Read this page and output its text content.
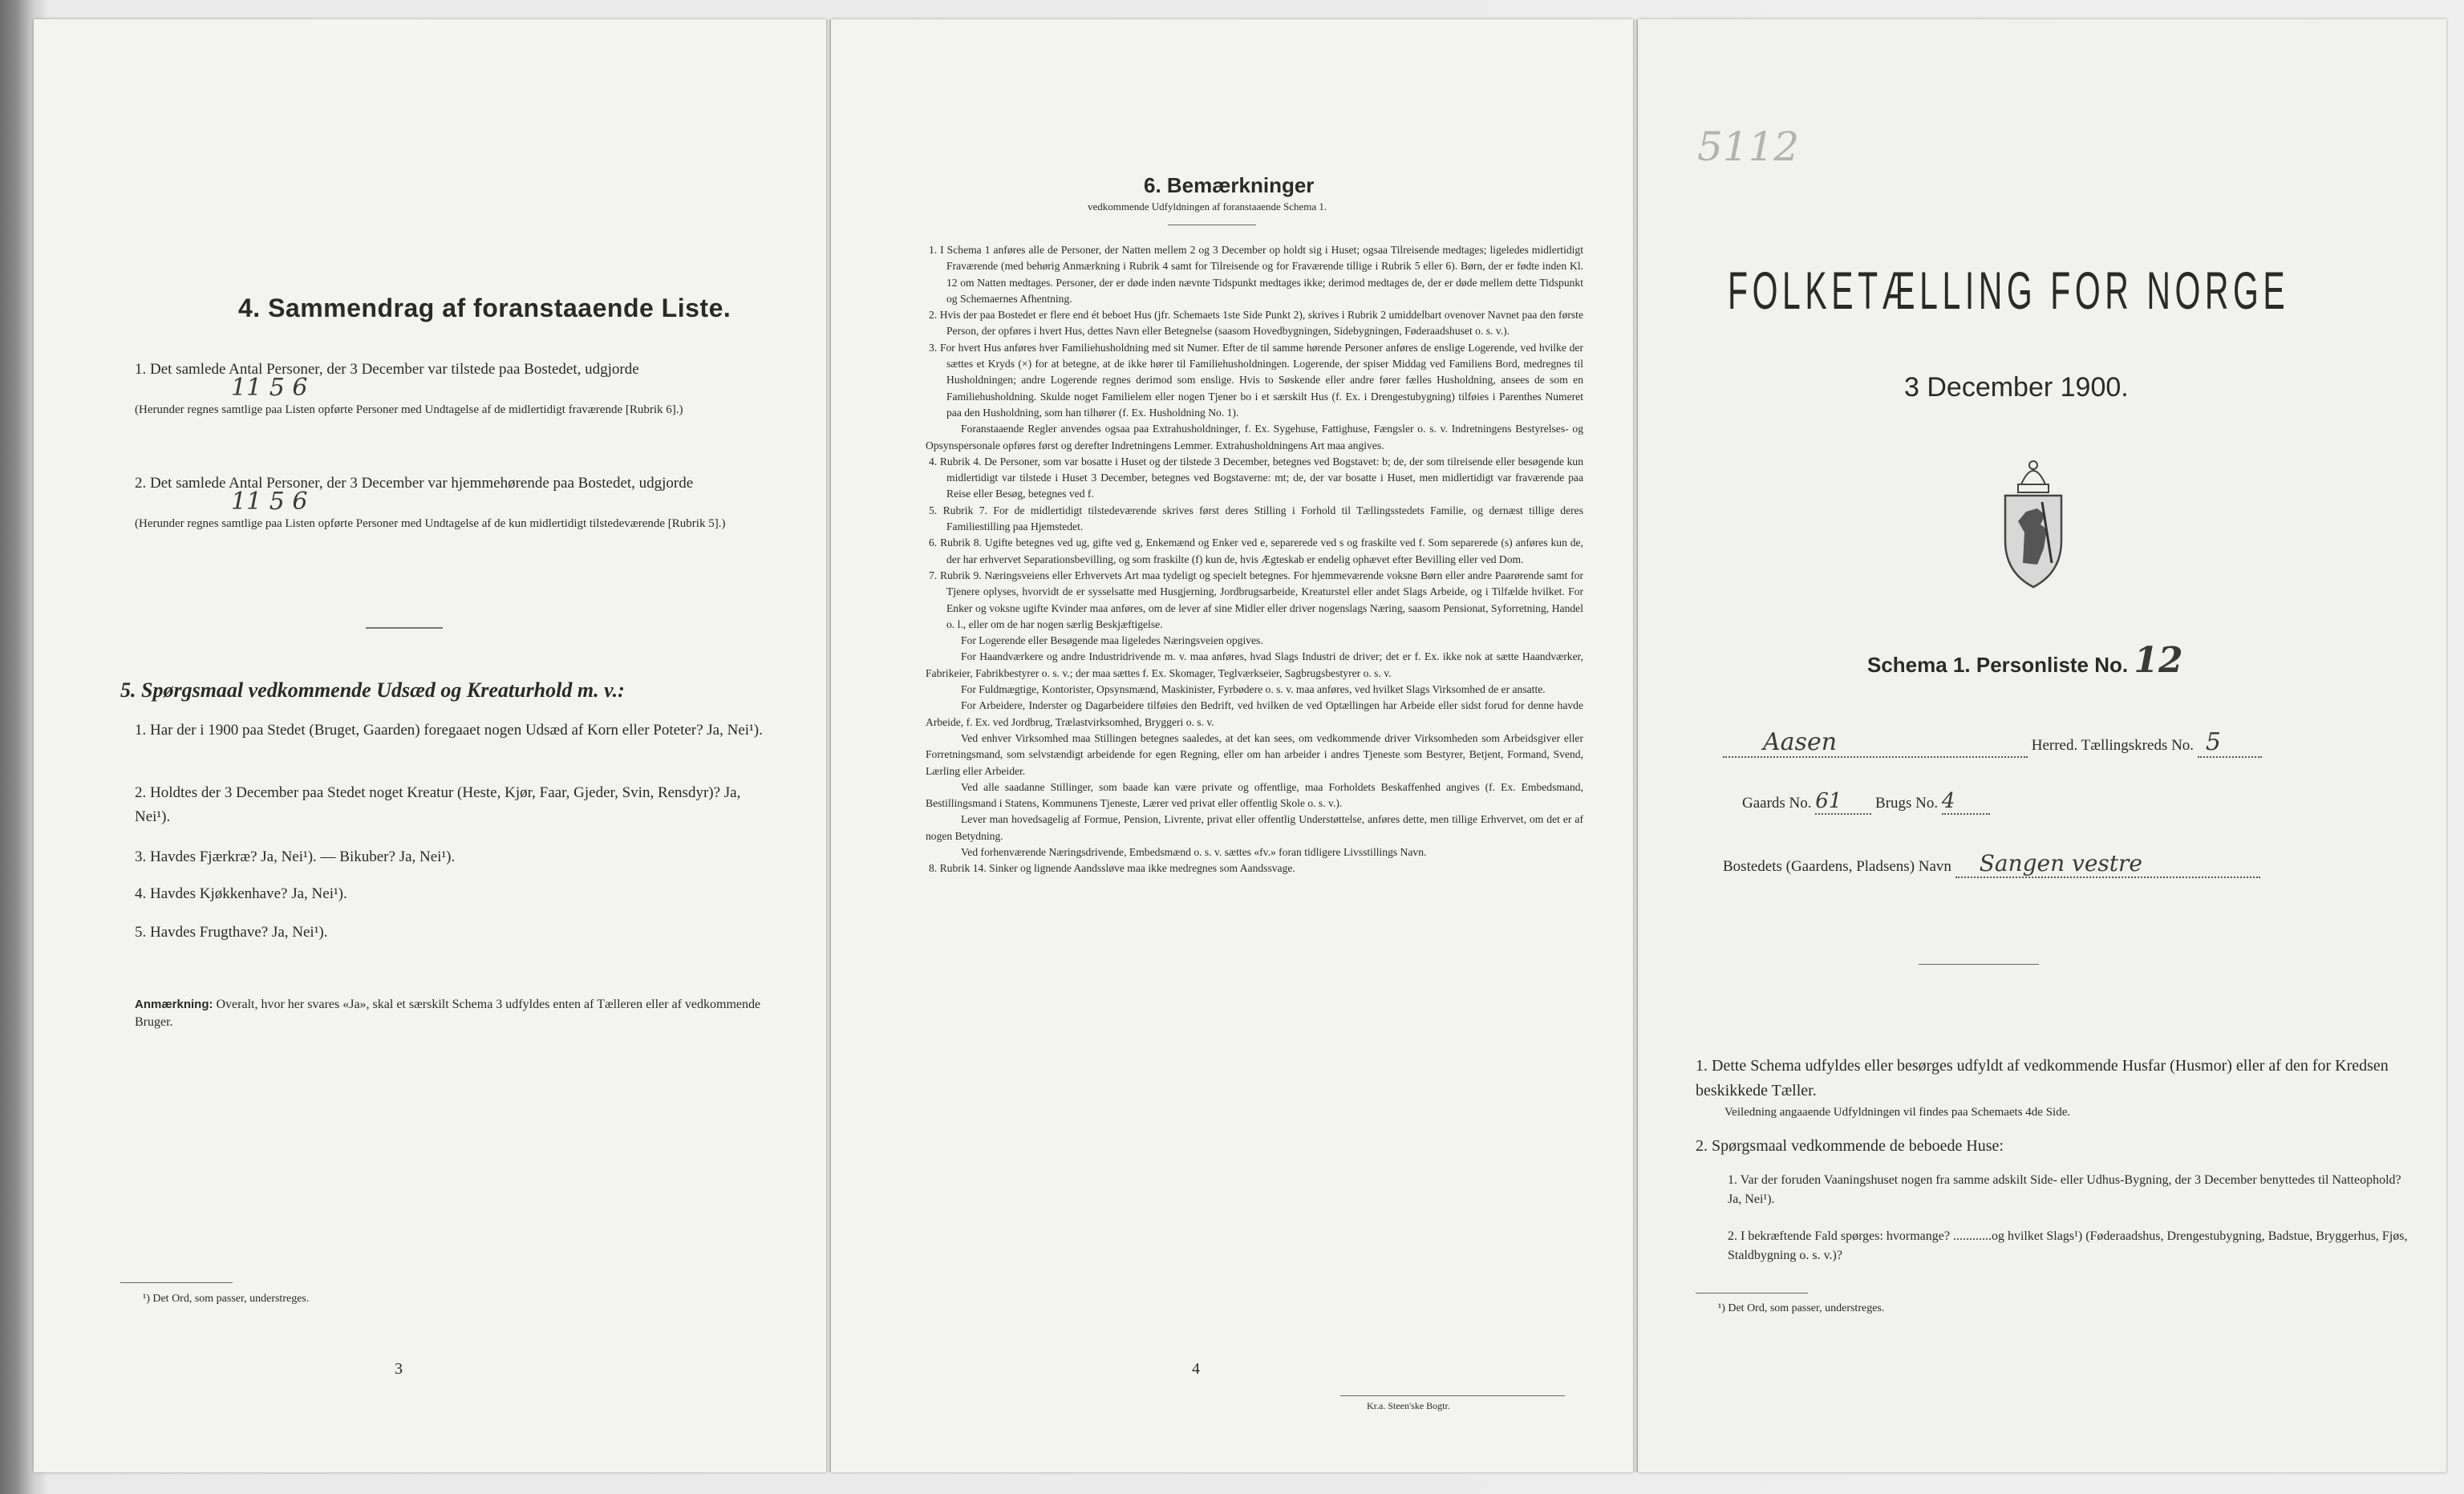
4. Sammendrag af foranstaaende Liste.
1. Det samlede Antal Personer, der 3 December var tilstede paa Bostedet, udgjorde
11 5 6
(Herunder regnes samtlige paa Listen opførte Personer med Undtagelse af de midlertidigt fraværende [Rubrik 6].)
2. Det samlede Antal Personer, der 3 December var hjemmehørende paa Bostedet, udgjorde
11 5 6
(Herunder regnes samtlige paa Listen opførte Personer med Undtagelse af de kun midlertidigt tilstedeværende [Rubrik 5].)
5. Spørgsmaal vedkommende Udsæd og Kreaturhold m. v.:
1. Har der i 1900 paa Stedet (Bruget, Gaarden) foregaaet nogen Udsæd af Korn eller Poteter? Ja, Nei¹).
2. Holdtes der 3 December paa Stedet noget Kreatur (Heste, Kjør, Faar, Gjeder, Svin, Rensdyr)? Ja, Nei¹).
3. Havdes Fjærkræ? Ja, Nei¹). — Bikuber? Ja, Nei¹).
4. Havdes Kjøkkenhave? Ja, Nei¹).
5. Havdes Frugthave? Ja, Nei¹).
Anmærkning: Overalt, hvor her svares «Ja», skal et særskilt Schema 3 udfyldes enten af Tælleren eller af vedkommende Bruger.
¹) Det Ord, som passer, understreges.
3
6. Bemærkninger
vedkommende Udfyldningen af foranstaaende Schema 1.

1. I Schema 1 anføres alle de Personer, der Natten mellem 2 og 3 December op holdt sig i Huset; ogsaa Tilreisende medtages; ligeledes midlertidigt Fraværende (med behørig Anmærkning i Rubrik 4 samt for Tilreisende og for Fraværende tillige i Rubrik 5 eller 6). Børn, der er fødte inden Kl. 12 om Natten medtages. Personer, der er døde inden nævnte Tidspunkt medtages ikke; derimod medtages de, der er døde mellem dette Tidspunkt og Schemaernes Afhentning.

2. Hvis der paa Bostedet er flere end ét beboet Hus (jfr. Schemaets 1ste Side Punkt 2), skrives i Rubrik 2 umiddelbart ovenover Navnet paa den første Person, der opføres i hvert Hus, dettes Navn eller Betegnelse (saasom Hovedbygningen, Sidebygningen, Føderaadshuset o. s. v.).

3. For hvert Hus anføres hver Familiehusholdning med sit Numer. Efter de til samme hørende Personer anføres de enslige Logerende, ved hvilke der sættes et Kryds (×) for at betegne, at de ikke hører til Familiehusholdningen. Logerende, der spiser Middag ved Familiens Bord, medregnes til Husholdningen; andre Logerende regnes derimod som enslige. Hvis to Søskende eller andre fører fælles Husholdning, ansees de som en Familiehusholdning. Skulde noget Familielem eller nogen Tjener bo i et særskilt Hus (f. Ex. i Drengestubygning) tilføies i Parenthes Numeret paa den Husholdning, som han tilhører (f. Ex. Husholdning No. 1).

Foranstaaende Regler anvendes ogsaa paa Extrahusholdninger, f. Ex. Sygehuse, Fattighuse, Fængsler o. s. v. Indretningens Bestyrelses- og Opsynspersonale opføres først og derefter Indretningens Lemmer. Extrahusholdningens Art maa angives.

4. Rubrik 4. De Personer, som var bosatte i Huset og der tilstede 3 December, betegnes ved Bogstavet: b; de, der som tilreisende eller besøgende kun midlertidigt var tilstede i Huset 3 December, betegnes ved Bogstaverne: mt; de, der var bosatte i Huset, men midlertidigt var fraværende paa Reise eller Besøg, betegnes ved f.

5. Rubrik 7. For de midlertidigt tilstedeværende skrives først deres Stilling i Forhold til Tællingsstedets Familie, og dernæst tillige deres Familiestilling paa Hjemstedet.

6. Rubrik 8. Ugifte betegnes ved ug, gifte ved g, Enkemænd og Enker ved e, separerede ved s og fraskilte ved f. Som separerede (s) anføres kun de, der har erhvervet Separationsbevilling, og som fraskilte (f) kun de, hvis Ægteskab er endelig ophævet efter Bevilling eller ved Dom.

7. Rubrik 9. Næringsveiens eller Erhvervets Art maa tydeligt og specielt betegnes. For hjemmeværende voksne Børn eller andre Paarørende samt for Tjenere oplyses, hvorvidt de er sysselsatte med Husgjerning, Jordbrugsarbeide, Kreaturstel eller andet Slags Arbeide, og i Tilfælde hvilket. For Enker og voksne ugifte Kvinder maa anføres, om de lever af sine Midler eller driver nogenslags Næring, saasom Pensionat, Syforretning, Handel o. l., eller om de har nogen særlig Beskjæftigelse.

For Logerende eller Besøgende maa ligeledes Næringsveien opgives.

For Haandværkere og andre Industridrivende m. v. maa anføres, hvad Slags Industri de driver; det er f. Ex. ikke nok at sætte Haandværker, Fabrikeier, Fabrikbestyrer o. s. v.; der maa sættes f. Ex. Skomager, Teglværkseier, Sagbrugsbestyrer o. s. v.

For Fuldmægtige, Kontorister, Opsynsmænd, Maskinister, Fyrbødere o. s. v. maa anføres, ved hvilket Slags Virksomhed de er ansatte.

For Arbeidere, Inderster og Dagarbeidere tilføies den Bedrift, ved hvilken de ved Optællingen har Arbeide eller sidst forud for denne havde Arbeide, f. Ex. ved Jordbrug, Trælastvirksomhed, Bryggeri o. s. v.

Ved enhver Virksomhed maa Stillingen betegnes saaledes, at det kan sees, om vedkommende driver Virksomheden som Arbeidsgiver eller Forretningsmand, som selvstændigt arbeidende for egen Regning, eller om han arbeider i andres Tjeneste som Bestyrer, Betjent, Formand, Svend, Lærling eller Arbeider.

Ved alle saadanne Stillinger, som baade kan være private og offentlige, maa Forholdets Beskaffenhed angives (f. Ex. Embedsmand, Bestillingsmand i Statens, Kommunens Tjeneste, Lærer ved privat eller offentlig Skole o. s. v.).

Lever man hovedsagelig af Formue, Pension, Livrente, privat eller offentlig Understøttelse, anføres dette, men tillige Erhvervet, om det er af nogen Betydning.

Ved forhenværende Næringsdrivende, Embedsmænd o. s. v. sættes «fv.» foran tidligere Livsstillings Navn.

8. Rubrik 14. Sinker og lignende Aandssløve maa ikke medregnes som Aandssvage.

4
Kr.a. Steen'ske Bogtr.
5112
FOLKETÆLLING FOR NORGE
3 December 1900.
Schema 1. Personliste No. 12
Aasen	Herred. Tællingskreds No. 5
Gaards No. 61 Brugs No. 4
Bostedets (Gaardens, Pladsens) Navn Sangen vestre
1. Dette Schema udfyldes eller besørges udfyldt af vedkommende Husfar (Husmor) eller af den for Kredsen beskikkede Tæller.
Veiledning angaaende Udfyldningen vil findes paa Schemaets 4de Side.
2. Spørgsmaal vedkommende de beboede Huse:
1. Var der foruden Vaaningshuset nogen fra samme adskilt Side- eller Udhus-Bygning, der 3 December benyttedes til Natteophold? Ja, Nei¹).
2. I bekræftende Fald spørges: hvormange? ............og hvilket Slags¹) (Føderaadshus, Drengestubygning, Badstue, Bryggerhus, Fjøs, Staldbygning o. s. v.)?
¹) Det Ord, som passer, understreges.
